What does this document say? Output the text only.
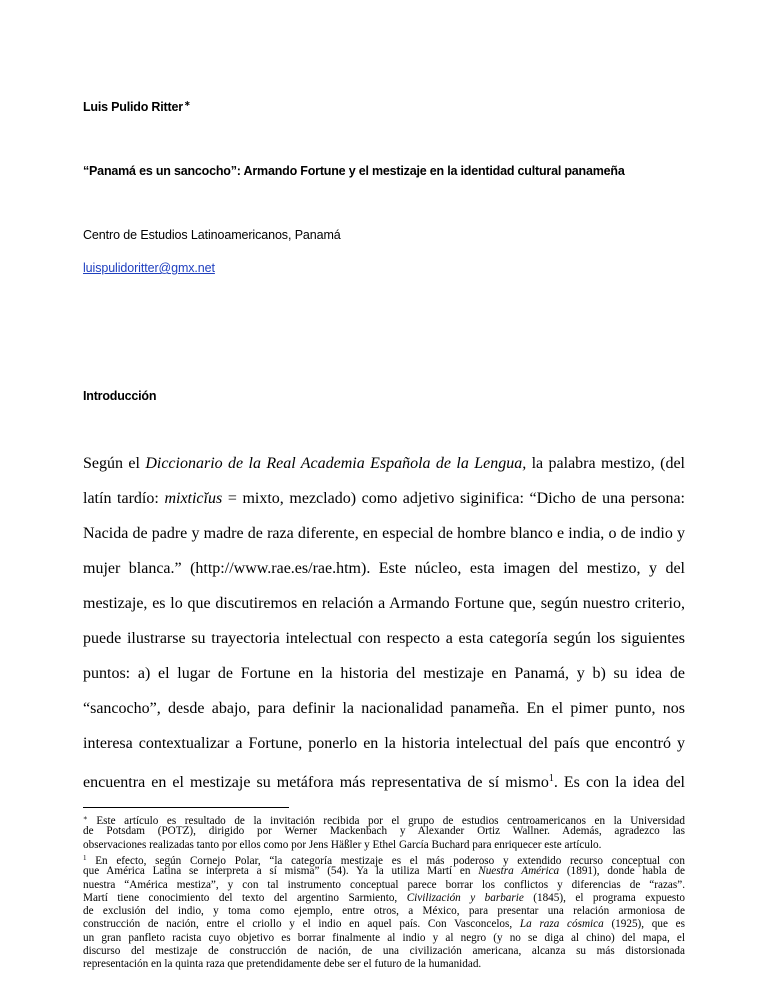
Luis Pulido Ritter∗
“Panamá es un sancocho”: Armando Fortune y el mestizaje en la identidad cultural panameña
Centro de Estudios Latinoamericanos, Panamá
luispulidoritter@gmx.net
Introducción
Según el Diccionario de la Real Academia Española de la Lengua, la palabra mestizo, (del
latín tardío: mixticĭus = mixto, mezclado) como adjetivo siginifica: “Dicho de una persona:
Nacida de padre y madre de raza diferente, en especial de hombre blanco e india, o de indio y
mujer blanca.” (http://www.rae.es/rae.htm). Este núcleo, esta imagen del mestizo, y del
mestizaje, es lo que discutiremos en relación a Armando Fortune que, según nuestro criterio,
puede ilustrarse su trayectoria intelectual con respecto a esta categoría según los siguientes
puntos: a) el lugar de Fortune en la historia del mestizaje en Panamá, y b) su idea de
“sancocho”, desde abajo, para definir la nacionalidad panameña. En el pimer punto, nos
interesa contextualizar a Fortune, ponerlo en la historia intelectual del país que encontró y
encuentra en el mestizaje su metáfora más representativa de sí mismo$^1$. Es con la idea del
∗ Este artículo es resultado de la invitación recibida por el grupo de estudios centroamericanos en la Universidad
de Potsdam (POTZ), dirigido por Werner Mackenbach y Alexander Ortiz Wallner. Además, agradezco las
observaciones realizadas tanto por ellos como por Jens Häßler y Ethel García Buchard para enriquecer este artículo.
$^1$ En efecto, según Cornejo Polar, “la categoría mestizaje es el más poderoso y extendido recurso conceptual con
que América Latina se interpreta a sí misma” (54). Ya la utiliza Martí en Nuestra América (1891), donde habla de
nuestra “América mestiza”, y con tal instrumento conceptual parece borrar los conflictos y diferencias de “razas”.
Martí tiene conocimiento del texto del argentino Sarmiento, Civilización y barbarie (1845), el programa expuesto
de exclusión del indio, y toma como ejemplo, entre otros, a México, para presentar una relación armoniosa de
construcción de nación, entre el criollo y el indio en aquel país. Con Vasconcelos, La raza cósmica (1925), que es
un gran panfleto racista cuyo objetivo es borrar finalmente al indio y al negro (y no se diga al chino) del mapa, el
discurso del mestizaje de construcción de nación, de una civilización americana, alcanza su más distorsionada
representación en la quinta raza que pretendidamente debe ser el futuro de la humanidad.
